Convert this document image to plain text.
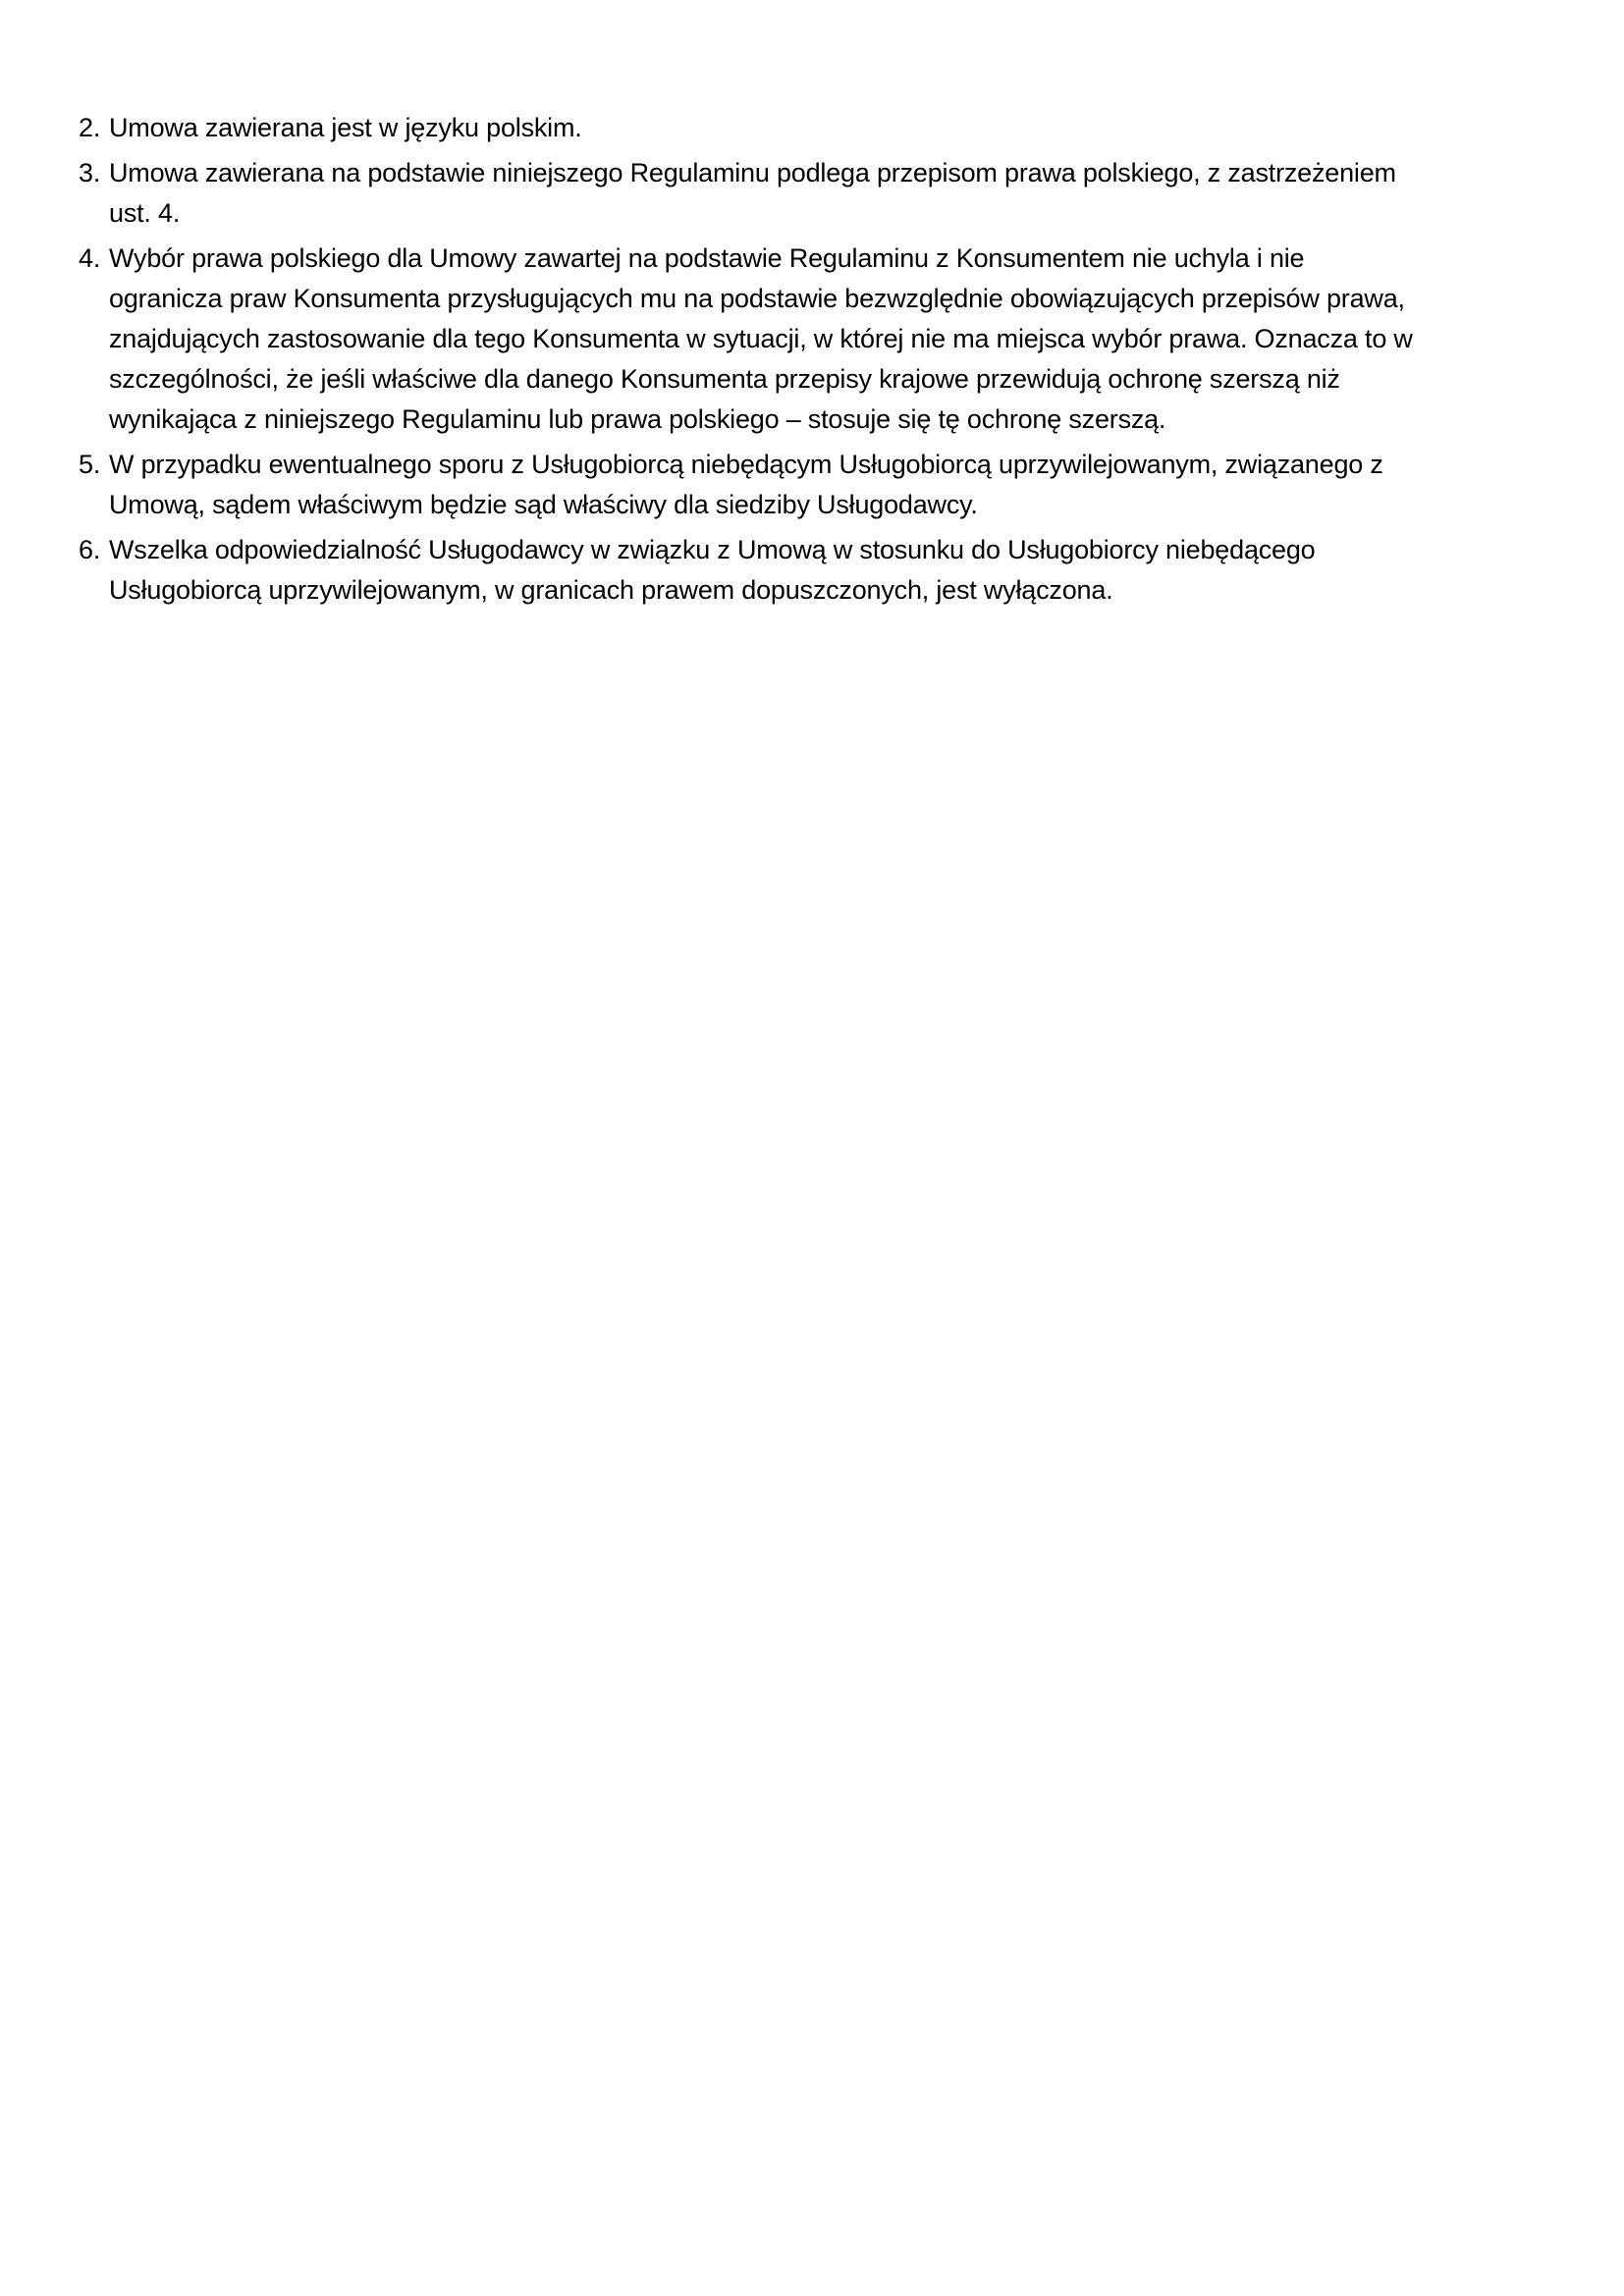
2. Umowa zawierana jest w języku polskim.
3. Umowa zawierana na podstawie niniejszego Regulaminu podlega przepisom prawa polskiego, z zastrzeżeniem ust. 4.
4. Wybór prawa polskiego dla Umowy zawartej na podstawie Regulaminu z Konsumentem nie uchyla i nie ogranicza praw Konsumenta przysługujących mu na podstawie bezwzględnie obowiązujących przepisów prawa, znajdujących zastosowanie dla tego Konsumenta w sytuacji, w której nie ma miejsca wybór prawa. Oznacza to w szczególności, że jeśli właściwe dla danego Konsumenta przepisy krajowe przewidują ochronę szerszą niż wynikająca z niniejszego Regulaminu lub prawa polskiego – stosuje się tę ochronę szerszą.
5. W przypadku ewentualnego sporu z Usługobiorcą niebędącym Usługobiorcą uprzywilejowanym, związanego z Umową, sądem właściwym będzie sąd właściwy dla siedziby Usługodawcy.
6. Wszelka odpowiedzialność Usługodawcy w związku z Umową w stosunku do Usługobiorcy niebędącego Usługobiorcą uprzywilejowanym, w granicach prawem dopuszczonych, jest wyłączona.
